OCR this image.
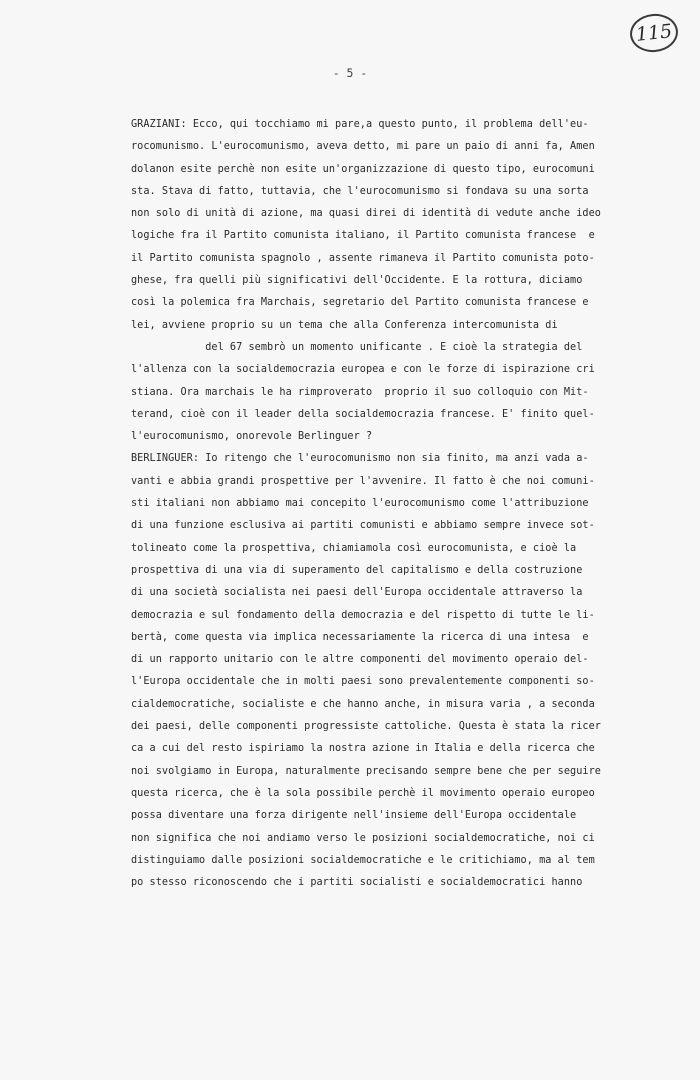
115
- 5 -
GRAZIANI: Ecco, qui tocchiamo mi pare,a questo punto, il problema dell'eu-
rocomunismo. L'eurocomunismo, aveva detto, mi pare un paio di anni fa, Amen
dolanon esite perchè non esite un'organizzazione di questo tipo, eurocomuni
sta. Stava di fatto, tuttavia, che l'eurocomunismo si fondava su una sorta
non solo di unità di azione, ma quasi direi di identità di vedute anche ideo
logiche fra il Partito comunista italiano, il Partito comunista francese  e
il Partito comunista spagnolo , assente rimaneva il Partito comunista poto-
ghese, fra quelli più significativi dell'Occidente. E la rottura, diciamo
così la polemica fra Marchais, segretario del Partito comunista francese e
lei, avviene proprio su un tema che alla Conferenza intercomunista di
del 67 sembrò un momento unificante . E cioè la strategia del
l'allenza con la socialdemocrazia europea e con le forze di ispirazione cri
stiana. Ora marchais le ha rimproverato  proprio il suo colloquio con Mit-
terand, cioè con il leader della socialdemocrazia francese. E' finito quel-
l'eurocomunismo, onorevole Berlinguer ?
BERLINGUER: Io ritengo che l'eurocomunismo non sia finito, ma anzi vada a-
vanti e abbia grandi prospettive per l'avvenire. Il fatto è che noi comuni-
sti italiani non abbiamo mai concepito l'eurocomunismo come l'attribuzione
di una funzione esclusiva ai partiti comunisti e abbiamo sempre invece sot-
tolineato come la prospettiva, chiamiamola così eurocomunista, e cioè la
prospettiva di una via di superamento del capitalismo e della costruzione
di una società socialista nei paesi dell'Europa occidentale attraverso la
democrazia e sul fondamento della democrazia e del rispetto di tutte le li-
bertà, come questa via implica necessariamente la ricerca di una intesa  e
di un rapporto unitario con le altre componenti del movimento operaio del-
l'Europa occidentale che in molti paesi sono prevalentemente componenti so-
cialdemocratiche, socialiste e che hanno anche, in misura varia , a seconda
dei paesi, delle componenti progressiste cattoliche. Questa è stata la ricer
ca a cui del resto ispiriamo la nostra azione in Italia e della ricerca che
noi svolgiamo in Europa, naturalmente precisando sempre bene che per seguire
questa ricerca, che è la sola possibile perchè il movimento operaio europeo
possa diventare una forza dirigente nell'insieme dell'Europa occidentale
non significa che noi andiamo verso le posizioni socialdemocratiche, noi ci
distinguiamo dalle posizioni socialdemocratiche e le critichiamo, ma al tem
po stesso riconoscendo che i partiti socialisti e socialdemocratici hanno
